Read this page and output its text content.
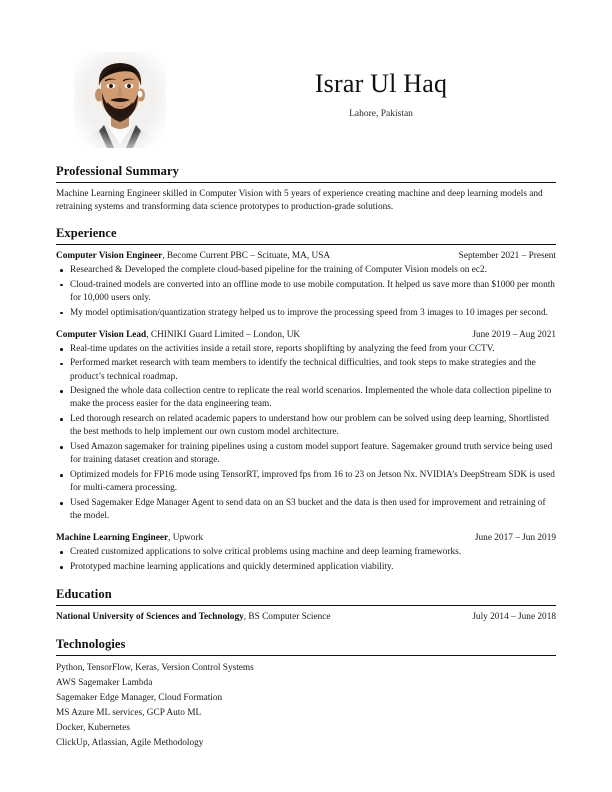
Israr Ul Haq
Lahore, Pakistan
Professional Summary
Machine Learning Engineer skilled in Computer Vision with 5 years of experience creating machine and deep learning models and retraining systems and transforming data science prototypes to production-grade solutions.
Experience
Computer Vision Engineer, Become Current PBC – Scituate, MA, USA	September 2021 – Present
Researched & Developed the complete cloud-based pipeline for the training of Computer Vision models on ec2.
Cloud-trained models are converted into an offline mode to use mobile computation. It helped us save more than $1000 per month for 10,000 users only.
My model optimisation/quantization strategy helped us to improve the processing speed from 3 images to 10 images per second.
Computer Vision Lead, CHINIKI Guard Limited – London, UK	June 2019 – Aug 2021
Real-time updates on the activities inside a retail store, reports shoplifting by analyzing the feed from your CCTV.
Performed market research with team members to identify the technical difficulties, and took steps to make strategies and the product’s technical roadmap.
Designed the whole data collection centre to replicate the real world scenarios. Implemented the whole data collection pipeline to make the process easier for the data engineering team.
Led thorough research on related academic papers to understand how our problem can be solved using deep learning, Shortlisted the best methods to help implement our own custom model architecture.
Used Amazon sagemaker for training pipelines using a custom model support feature. Sagemaker ground truth service being used for training dataset creation and storage.
Optimized models for FP16 mode using TensorRT, improved fps from 16 to 23 on Jetson Nx. NVIDIA’s DeepStream SDK is used for multi-camera processing.
Used Sagemaker Edge Manager Agent to send data on an S3 bucket and the data is then used for improvement and retraining of the model.
Machine Learning Engineer, Upwork	June 2017 – Jun 2019
Created customized applications to solve critical problems using machine and deep learning frameworks.
Prototyped machine learning applications and quickly determined application viability.
Education
National University of Sciences and Technology, BS Computer Science	July 2014 – June 2018
Technologies
Python, TensorFlow, Keras, Version Control Systems
AWS Sagemaker Lambda
Sagemaker Edge Manager, Cloud Formation
MS Azure ML services, GCP Auto ML
Docker, Kubernetes
ClickUp, Atlassian, Agile Methodology
